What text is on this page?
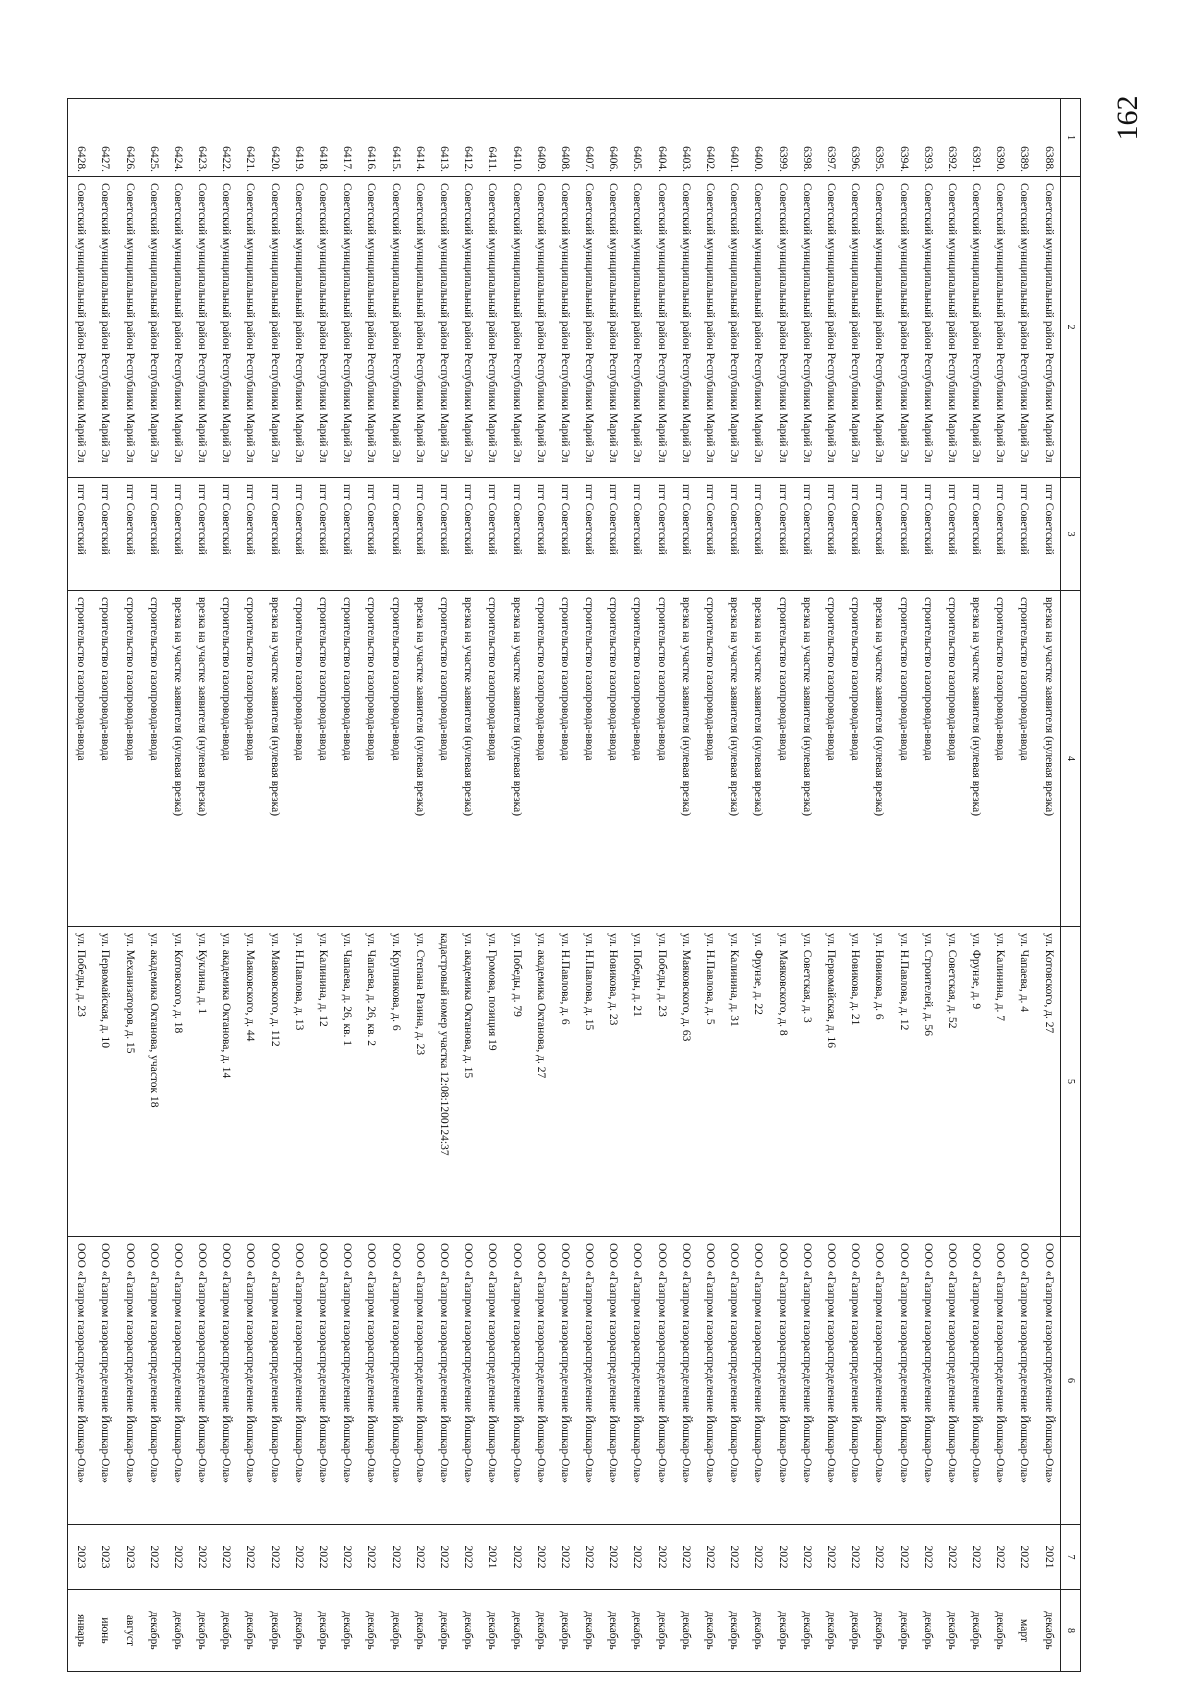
162
1	2	3	4	5	6	7	8
6388.	Советский муниципальный район Республики Марий Эл	пгт Советский	врезка на участке заявителя (нулевая врезка)	ул. Котовского, д. 27	ООО «Газпром газораспределение Йошкар-Ола»	2021	декабрь
6389.	Советский муниципальный район Республики Марий Эл	пгт Советский	строительство газопровода-ввода	ул. Чапаева, д. 4	ООО «Газпром газораспределение Йошкар-Ола»	2022	март
6390.	Советский муниципальный район Республики Марий Эл	пгт Советский	строительство газопровода-ввода	ул. Калинина, д. 7	ООО «Газпром газораспределение Йошкар-Ола»	2022	декабрь
6391.	Советский муниципальный район Республики Марий Эл	пгт Советский	врезка на участке заявителя (нулевая врезка)	ул. Фрунзе, д. 9	ООО «Газпром газораспределение Йошкар-Ола»	2022	декабрь
6392.	Советский муниципальный район Республики Марий Эл	пгт Советский	строительство газопровода-ввода	ул. Советская, д. 52	ООО «Газпром газораспределение Йошкар-Ола»	2022	декабрь
6393.	Советский муниципальный район Республики Марий Эл	пгт Советский	строительство газопровода-ввода	ул. Строителей, д. 56	ООО «Газпром газораспределение Йошкар-Ола»	2022	декабрь
6394.	Советский муниципальный район Республики Марий Эл	пгт Советский	строительство газопровода-ввода	ул. Н.Павлова, д. 12	ООО «Газпром газораспределение Йошкар-Ола»	2022	декабрь
6395.	Советский муниципальный район Республики Марий Эл	пгт Советский	врезка на участке заявителя (нулевая врезка)	ул. Новикова, д. 6	ООО «Газпром газораспределение Йошкар-Ола»	2022	декабрь
6396.	Советский муниципальный район Республики Марий Эл	пгт Советский	строительство газопровода-ввода	ул. Новикова, д. 21	ООО «Газпром газораспределение Йошкар-Ола»	2022	декабрь
6397.	Советский муниципальный район Республики Марий Эл	пгт Советский	строительство газопровода-ввода	ул. Первомайская, д. 16	ООО «Газпром газораспределение Йошкар-Ола»	2022	декабрь
6398.	Советский муниципальный район Республики Марий Эл	пгт Советский	врезка на участке заявителя (нулевая врезка)	ул. Советская, д. 3	ООО «Газпром газораспределение Йошкар-Ола»	2022	декабрь
6399.	Советский муниципальный район Республики Марий Эл	пгт Советский	строительство газопровода-ввода	ул. Маяковского, д. 8	ООО «Газпром газораспределение Йошкар-Ола»	2022	декабрь
6400.	Советский муниципальный район Республики Марий Эл	пгт Советский	врезка на участке заявителя (нулевая врезка)	ул. Фрунзе, д. 22	ООО «Газпром газораспределение Йошкар-Ола»	2022	декабрь
6401.	Советский муниципальный район Республики Марий Эл	пгт Советский	врезка на участке заявителя (нулевая врезка)	ул. Калинина, д. 31	ООО «Газпром газораспределение Йошкар-Ола»	2022	декабрь
6402.	Советский муниципальный район Республики Марий Эл	пгт Советский	строительство газопровода-ввода	ул. Н.Павлова, д. 5	ООО «Газпром газораспределение Йошкар-Ола»	2022	декабрь
6403.	Советский муниципальный район Республики Марий Эл	пгт Советский	врезка на участке заявителя (нулевая врезка)	ул. Маяковского, д. 63	ООО «Газпром газораспределение Йошкар-Ола»	2022	декабрь
6404.	Советский муниципальный район Республики Марий Эл	пгт Советский	строительство газопровода-ввода	ул. Победы, д. 23	ООО «Газпром газораспределение Йошкар-Ола»	2022	декабрь
6405.	Советский муниципальный район Республики Марий Эл	пгт Советский	строительство газопровода-ввода	ул. Победы, д. 21	ООО «Газпром газораспределение Йошкар-Ола»	2022	декабрь
6406.	Советский муниципальный район Республики Марий Эл	пгт Советский	строительство газопровода-ввода	ул. Новикова, д. 23	ООО «Газпром газораспределение Йошкар-Ола»	2022	декабрь
6407.	Советский муниципальный район Республики Марий Эл	пгт Советский	строительство газопровода-ввода	ул. Н.Павлова, д. 15	ООО «Газпром газораспределение Йошкар-Ола»	2022	декабрь
6408.	Советский муниципальный район Республики Марий Эл	пгт Советский	строительство газопровода-ввода	ул. Н.Павлова, д. 6	ООО «Газпром газораспределение Йошкар-Ола»	2022	декабрь
6409.	Советский муниципальный район Республики Марий Эл	пгт Советский	строительство газопровода-ввода	ул. академика Октанова, д. 27	ООО «Газпром газораспределение Йошкар-Ола»	2022	декабрь
6410.	Советский муниципальный район Республики Марий Эл	пгт Советский	врезка на участке заявителя (нулевая врезка)	ул. Победы, д. 79	ООО «Газпром газораспределение Йошкар-Ола»	2022	декабрь
6411.	Советский муниципальный район Республики Марий Эл	пгт Советский	строительство газопровода-ввода	ул. Громова, позиция 19	ООО «Газпром газораспределение Йошкар-Ола»	2021	декабрь
6412.	Советский муниципальный район Республики Марий Эл	пгт Советский	врезка на участке заявителя (нулевая врезка)	ул. академика Октанова, д. 15	ООО «Газпром газораспределение Йошкар-Ола»	2022	декабрь
6413.	Советский муниципальный район Республики Марий Эл	пгт Советский	строительство газопровода-ввода	кадастровый номер участка 12:08:1200124:37	ООО «Газпром газораспределение Йошкар-Ола»	2022	декабрь
6414.	Советский муниципальный район Республики Марий Эл	пгт Советский	врезка на участке заявителя (нулевая врезка)	ул. Степана Разина, д. 23	ООО «Газпром газораспределение Йошкар-Ола»	2022	декабрь
6415.	Советский муниципальный район Республики Марий Эл	пгт Советский	строительство газопровода-ввода	ул. Крупнякова, д. 6	ООО «Газпром газораспределение Йошкар-Ола»	2022	декабрь
6416.	Советский муниципальный район Республики Марий Эл	пгт Советский	строительство газопровода-ввода	ул. Чапаева, д. 26, кв. 2	ООО «Газпром газораспределение Йошкар-Ола»	2022	декабрь
6417.	Советский муниципальный район Республики Марий Эл	пгт Советский	строительство газопровода-ввода	ул. Чапаева, д. 26, кв. 1	ООО «Газпром газораспределение Йошкар-Ола»	2022	декабрь
6418.	Советский муниципальный район Республики Марий Эл	пгт Советский	строительство газопровода-ввода	ул. Калинина, д. 12	ООО «Газпром газораспределение Йошкар-Ола»	2022	декабрь
6419.	Советский муниципальный район Республики Марий Эл	пгт Советский	строительство газопровода-ввода	ул. Н.Павлова, д. 13	ООО «Газпром газораспределение Йошкар-Ола»	2022	декабрь
6420.	Советский муниципальный район Республики Марий Эл	пгт Советский	врезка на участке заявителя (нулевая врезка)	ул. Маяковского, д. 112	ООО «Газпром газораспределение Йошкар-Ола»	2022	декабрь
6421.	Советский муниципальный район Республики Марий Эл	пгт Советский	строительство газопровода-ввода	ул. Маяковского, д. 44	ООО «Газпром газораспределение Йошкар-Ола»	2022	декабрь
6422.	Советский муниципальный район Республики Марий Эл	пгт Советский	строительство газопровода-ввода	ул. академика Октанова, д. 14	ООО «Газпром газораспределение Йошкар-Ола»	2022	декабрь
6423.	Советский муниципальный район Республики Марий Эл	пгт Советский	врезка на участке заявителя (нулевая врезка)	ул. Куклина, д. 1	ООО «Газпром газораспределение Йошкар-Ола»	2022	декабрь
6424.	Советский муниципальный район Республики Марий Эл	пгт Советский	врезка на участке заявителя (нулевая врезка)	ул. Котовского, д. 18	ООО «Газпром газораспределение Йошкар-Ола»	2022	декабрь
6425.	Советский муниципальный район Республики Марий Эл	пгт Советский	строительство газопровода-ввода	ул. академика Октанова, участок 18	ООО «Газпром газораспределение Йошкар-Ола»	2022	декабрь
6426.	Советский муниципальный район Республики Марий Эл	пгт Советский	строительство газопровода-ввода	ул. Механизаторов, д. 15	ООО «Газпром газораспределение Йошкар-Ола»	2023	август
6427.	Советский муниципальный район Республики Марий Эл	пгт Советский	строительство газопровода-ввода	ул. Первомайская, д. 10	ООО «Газпром газораспределение Йошкар-Ола»	2023	июнь
6428.	Советский муниципальный район Республики Марий Эл	пгт Советский	строительство газопровода-ввода	ул. Победы, д. 23	ООО «Газпром газораспределение Йошкар-Ола»	2023	январь
